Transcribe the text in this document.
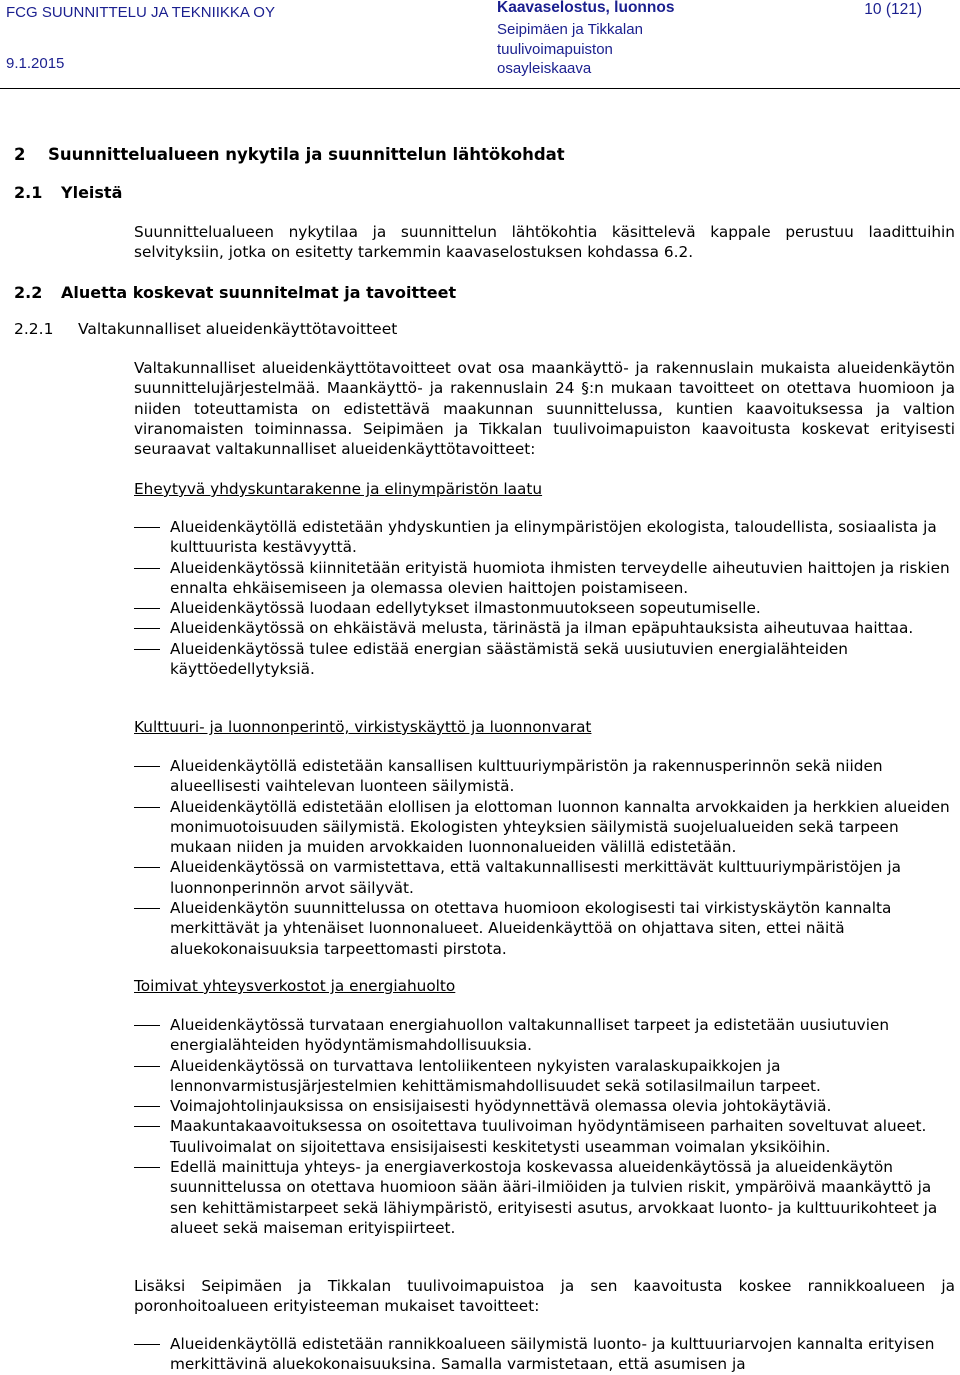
FCG SUUNNITTELU JA TEKNIIKKA OY
9.1.2015
Kaavaselostus, luonnos
Seipimäen ja Tikkalan
tuulivoimapuiston
osayleiskaava
10 (121)
2 Suunnittelualueen nykytila ja suunnittelun lähtökohdat
2.1 Yleistä
Suunnittelualueen nykytilaa ja suunnittelun lähtökohtia käsittelevä kappale perustuu laadittuihin selvityksiin, jotka on esitetty tarkemmin kaavaselostuksen kohdassa 6.2.
2.2 Aluetta koskevat suunnitelmat ja tavoitteet
2.2.1 Valtakunnalliset alueidenkäyttötavoitteet
Valtakunnalliset alueidenkäyttötavoitteet ovat osa maankäyttö- ja rakennuslain mukaista alueidenkäytön suunnittelujärjestelmää. Maankäyttö- ja rakennuslain 24 §:n mukaan tavoitteet on otettava huomioon ja niiden toteuttamista on edistettävä maakunnan suunnittelussa, kuntien kaavoituksessa ja valtion viranomaisten toiminnassa. Seipimäen ja Tikkalan tuulivoimapuiston kaavoitusta koskevat erityisesti seuraavat valtakunnalliset alueidenkäyttötavoitteet:
Eheytyvä yhdyskuntarakenne ja elinympäristön laatu
Alueidenkäytöllä edistetään yhdyskuntien ja elinympäristöjen ekologista, taloudellista, sosiaalista ja kulttuurista kestävyyttä.
Alueidenkäytössä kiinnitetään erityistä huomiota ihmisten terveydelle aiheutuvien haittojen ja riskien ennalta ehkäisemiseen ja olemassa olevien haittojen poistamiseen.
Alueidenkäytössä luodaan edellytykset ilmastonmuutokseen sopeutumiselle.
Alueidenkäytössä on ehkäistävä melusta, tärinästä ja ilman epäpuhtauksista aiheutuvaa haittaa.
Alueidenkäytössä tulee edistää energian säästämistä sekä uusiutuvien energialähteiden käyttöedellytyksiä.
Kulttuuri- ja luonnonperintö, virkistyskäyttö ja luonnonvarat
Alueidenkäytöllä edistetään kansallisen kulttuuriympäristön ja rakennusperinnön sekä niiden alueellisesti vaihtelevan luonteen säilymistä.
Alueidenkäytöllä edistetään elollisen ja elottoman luonnon kannalta arvokkaiden ja herkkien alueiden monimuotoisuuden säilymistä. Ekologisten yhteyksien säilymistä suojelualueiden sekä tarpeen mukaan niiden ja muiden arvokkaiden luonnonalueiden välillä edistetään.
Alueidenkäytössä on varmistettava, että valtakunnallisesti merkittävät kulttuuriympäristöjen ja luonnonperinnön arvot säilyvät.
Alueidenkäytön suunnittelussa on otettava huomioon ekologisesti tai virkistyskäytön kannalta merkittävät ja yhtenäiset luonnonalueet. Alueidenkäyttöä on ohjattava siten, ettei näitä aluekokonaisuuksia tarpeettomasti pirstota.
Toimivat yhteysverkostot ja energiahuolto
Alueidenkäytössä turvataan energiahuollon valtakunnalliset tarpeet ja edistetään uusiutuvien energialähteiden hyödyntämismahdollisuuksia.
Alueidenkäytössä on turvattava lentoliikenteen nykyisten varalaskupaikkojen ja lennonvarmistusjärjestelmien kehittämismahdollisuudet sekä sotilasilmailun tarpeet.
Voimajohtolinjauksissa on ensisijaisesti hyödynnettävä olemassa olevia johtokäytäviä.
Maakuntakaavoituksessa on osoitettava tuulivoiman hyödyntämiseen parhaiten soveltuvat alueet. Tuulivoimalat on sijoitettava ensisijaisesti keskitetysti useamman voimalan yksiköihin.
Edellä mainittuja yhteys- ja energiaverkostoja koskevassa alueidenkäytössä ja alueidenkäytön suunnittelussa on otettava huomioon sään ääri-ilmiöiden ja tulvien riskit, ympäröivä maankäyttö ja sen kehittämistarpeet sekä lähiympäristö, erityisesti asutus, arvokkaat luonto- ja kulttuurikohteet ja alueet sekä maiseman erityispiirteet.
Lisäksi Seipimäen ja Tikkalan tuulivoimapuistoa ja sen kaavoitusta koskee rannikkoalueen ja poronhoitoalueen erityisteeman mukaiset tavoitteet:
Alueidenkäytöllä edistetään rannikkoalueen säilymistä luonto- ja kulttuuriarvojen kannalta erityisen merkittävinä aluekokonaisuuksina. Samalla varmistetaan, että asumisen ja
